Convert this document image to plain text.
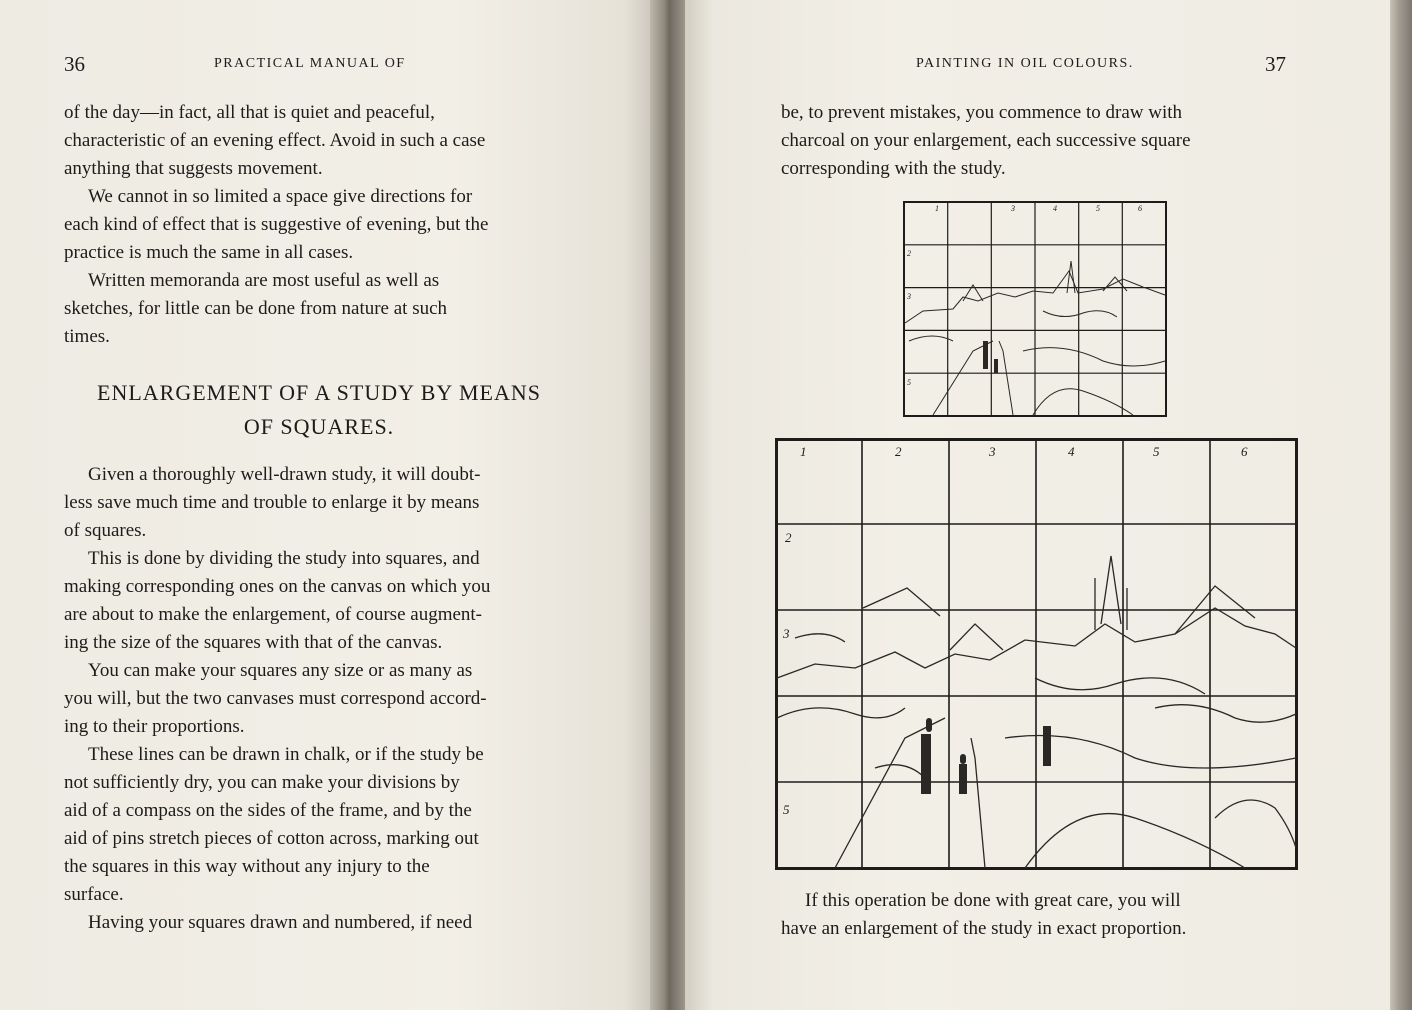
36	PRACTICAL MANUAL OF

of the day—in fact, all that is quiet and peaceful,
characteristic of an evening effect. Avoid in such a case
anything that suggests movement.

We cannot in so limited a space give directions for
each kind of effect that is suggestive of evening, but the
practice is much the same in all cases.

Written memoranda are most useful as well as
sketches, for little can be done from nature at such
times.

ENLARGEMENT OF A STUDY BY MEANS
OF SQUARES.

Given a thoroughly well-drawn study, it will doubt-
less save much time and trouble to enlarge it by means
of squares.

This is done by dividing the study into squares, and
making corresponding ones on the canvas on which you
are about to make the enlargement, of course augment-
ing the size of the squares with that of the canvas.

You can make your squares any size or as many as
you will, but the two canvases must correspond accord-
ing to their proportions.

These lines can be drawn in chalk, or if the study be
not sufficiently dry, you can make your divisions by
aid of a compass on the sides of the frame, and by the
aid of pins stretch pieces of cotton across, marking out
the squares in this way without any injury to the
surface.

Having your squares drawn and numbered, if need

PAINTING IN OIL COLOURS.	37

be, to prevent mistakes, you commence to draw with
charcoal on your enlargement, each successive square
corresponding with the study.

1	3	4	5	6
2
3
5
1	2	3	4	5	6
2
3
5

If this operation be done with great care, you will
have an enlargement of the study in exact proportion.
